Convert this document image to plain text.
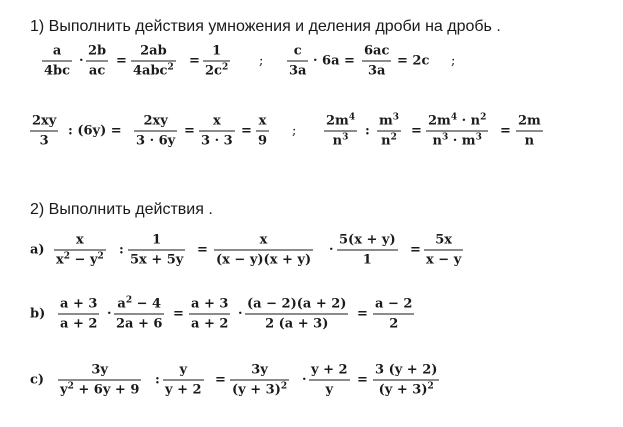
1) Выполнить действия умножения и деления дроби на дробь .
a
4bc
·
2b
ac
=
2ab
4abc$^2$ =
1
$2c^2$ ;
c
3a
· 6a =
6ac
3a
= 2c ;
2xy
3
: (6y) =
2xy
3 · 6y
=
x
3 · 3
=
x
9
;
$2m^4$
$n^3$ :
$m^3$
$n^2$ =
$2m^4 \cdot n^2$
$n^3 \cdot m^3$ =
2m
n
2) Выполнить действия .
a)
x
$x^2 - y^2$ :
1
5x + 5y
=
x
(x − y)(x + y)
·
5(x + y)
1
=
5x
x − y
b)
a + 3
a + 2
·
$a^2 - 4$
2a + 6
=
a + 3
a + 2
·
(a − 2)(a + 2)
2 (a + 3)
=
a − 2
2
c)
3y
$y^2 + 6y + 9$
:
y
y + 2
=
3y
$(y + 3)^2$ ·
y + 2
y
=
3 (y + 2)
$(y + 3)^2$
